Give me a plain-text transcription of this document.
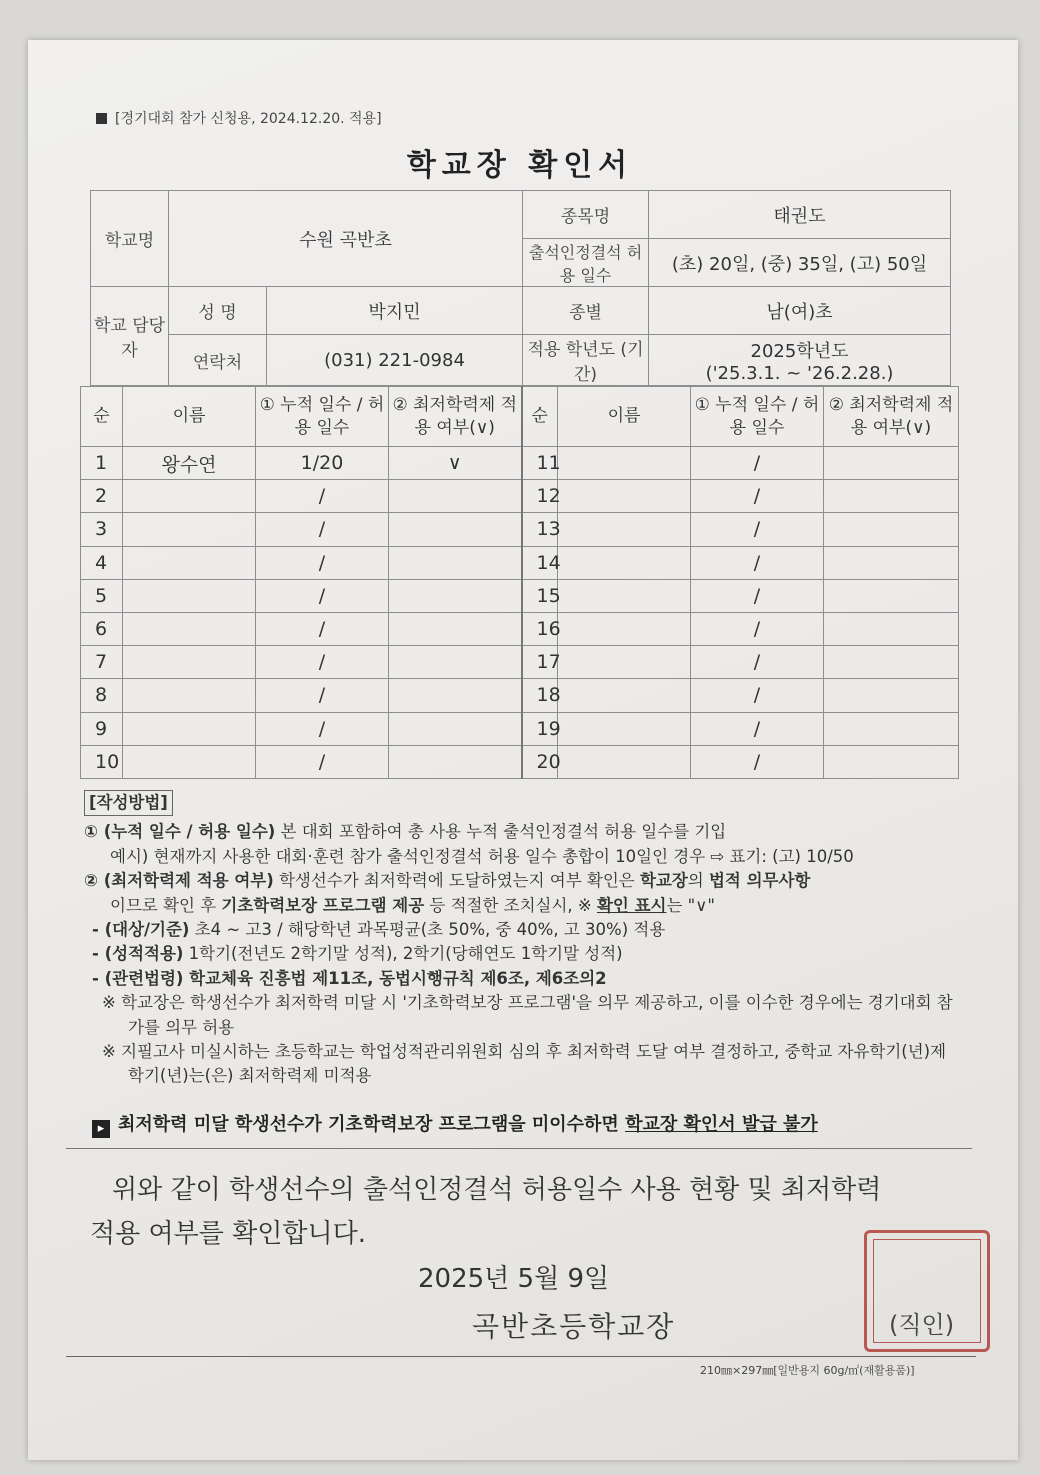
[경기대회 참가 신청용, 2024.12.20. 적용]
학교장 확인서
학교명	수원 곡반초		종목명	태권도
			출석인정결석 허용 일수	(초) 20일, (중) 35일, (고) 50일
학교 담당자	성 명	박지민	종별	남(여)초
	연락처	(031) 221-0984	적용 학년도 (기간)	2025학년도
('25.3.1. ~ '26.2.28.)
순	이름	① 누적 일수 / 허용 일수	② 최저학력제 적용 여부(∨)	순	이름	① 누적 일수 / 허용 일수	② 최저학력제 적용 여부(∨)
1	왕수연	1/20	∨	11		/	
2		/		12		/	
3		/		13		/	
4		/		14		/	
5		/		15		/	
6		/		16		/	
7		/		17		/	
8		/		18		/	
9		/		19		/	
10		/		20		/	
[작성방법]
① (누적 일수 / 허용 일수) 본 대회 포함하여 총 사용 누적 출석인정결석 허용 일수를 기입
예시) 현재까지 사용한 대회·훈련 참가 출석인정결석 허용 일수 총합이 10일인 경우 ⇨ 표기: (고) 10/50
② (최저학력제 적용 여부) 학생선수가 최저학력에 도달하였는지 여부 확인은 학교장의 법적 의무사항
이므로 확인 후 기초학력보장 프로그램 제공 등 적절한 조치실시, ※ 확인 표시는 "∨"
- (대상/기준) 초4 ~ 고3 / 해당학년 과목평균(초 50%, 중 40%, 고 30%) 적용
- (성적적용) 1학기(전년도 2학기말 성적), 2학기(당해연도 1학기말 성적)
- (관련법령) 학교체육 진흥법 제11조, 동법시행규칙 제6조, 제6조의2
※ 학교장은 학생선수가 최저학력 미달 시 '기초학력보장 프로그램'을 의무 제공하고, 이를 이수한 경우에는 경기대회 참가를 의무 허용
※ 지필고사 미실시하는 초등학교는 학업성적관리위원회 심의 후 최저학력 도달 여부 결정하고, 중학교 자유학기(년)제 학기(년)는(은) 최저학력제 미적용
▸ 최저학력 미달 학생선수가 기초학력보장 프로그램을 미이수하면 학교장 확인서 발급 불가
위와 같이 학생선수의 출석인정결석 허용일수 사용 현황 및 최저학력
적용 여부를 확인합니다.
2025년 5월 9일
곡반초등학교장	(직인)
210㎜×297㎜[일반용지 60g/㎡(재활용품)]
